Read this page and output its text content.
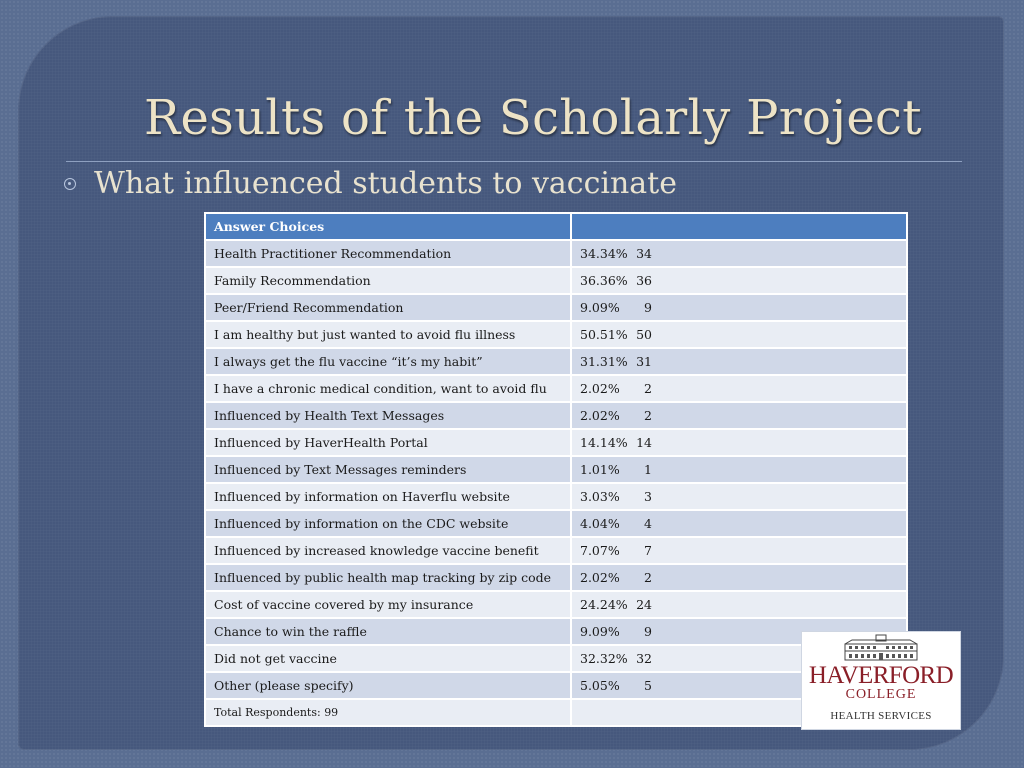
Results of the Scholarly Project
What influenced students to vaccinate
Answer Choices	
Health Practitioner Recommendation	34.34% 34
Family Recommendation	36.36% 36
Peer/Friend Recommendation	9.09% 9
I am healthy but just wanted to avoid flu illness	50.51% 50
I always get the flu vaccine “it’s my habit”	31.31% 31
I have a chronic medical condition, want to avoid flu	2.02% 2
Influenced by Health Text Messages	2.02% 2
Influenced by HaverHealth Portal	14.14% 14
Influenced by Text Messages reminders	1.01% 1
Influenced by information on Haverflu website	3.03% 3
Influenced by information on the CDC website	4.04% 4
Influenced by increased knowledge vaccine benefit	7.07% 7
Influenced by public health map tracking by zip code	2.02% 2
Cost of vaccine covered by my insurance	24.24% 24
Chance to win the raffle	9.09% 9
Did not get vaccine	32.32% 32
Other (please specify)	5.05% 5
Total Respondents: 99	
HAVERFORD
COLLEGE
HEALTH SERVICES
